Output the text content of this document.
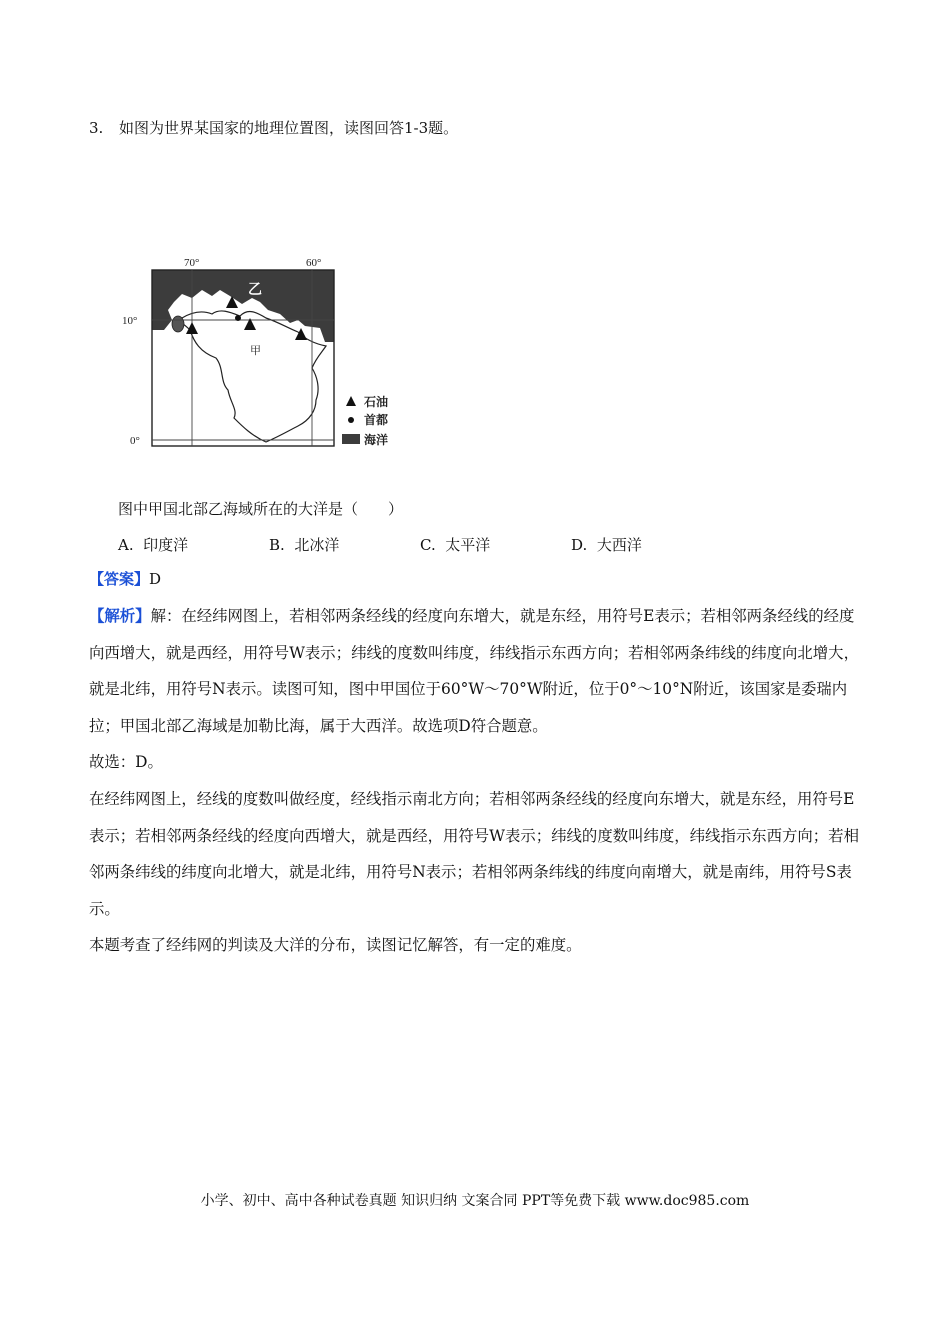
3. 如图为世界某国家的地理位置图，读图回答1-3题。
70°	60°
10°
0°
乙
甲
石油
首都
海洋
图中甲国北部乙海域所在的大洋是（　　）
A. 印度洋	B. 北冰洋	C. 太平洋	D. 大西洋
【答案】D

【解析】解：在经纬网图上，若相邻两条经线的经度向东增大，就是东经，用符号E表示；若相邻两条经线的经度向西增大，就是西经，用符号W表示；纬线的度数叫纬度，纬线指示东西方向；若相邻两条纬线的纬度向北增大，就是北纬，用符号N表示。读图可知，图中甲国位于60°W～70°W附近，位于0°～10°N附近，该国家是委瑞内拉；甲国北部乙海域是加勒比海，属于大西洋。故选项D符合题意。

故选：D。

在经纬网图上，经线的度数叫做经度，经线指示南北方向；若相邻两条经线的经度向东增大，就是东经，用符号E表示；若相邻两条经线的经度向西增大，就是西经，用符号W表示；纬线的度数叫纬度，纬线指示东西方向；若相邻两条纬线的纬度向北增大，就是北纬，用符号N表示；若相邻两条纬线的纬度向南增大，就是南纬，用符号S表示。

本题考查了经纬网的判读及大洋的分布，读图记忆解答，有一定的难度。

小学、初中、高中各种试卷真题 知识归纳 文案合同 PPT等免费下载 www.doc985.com
